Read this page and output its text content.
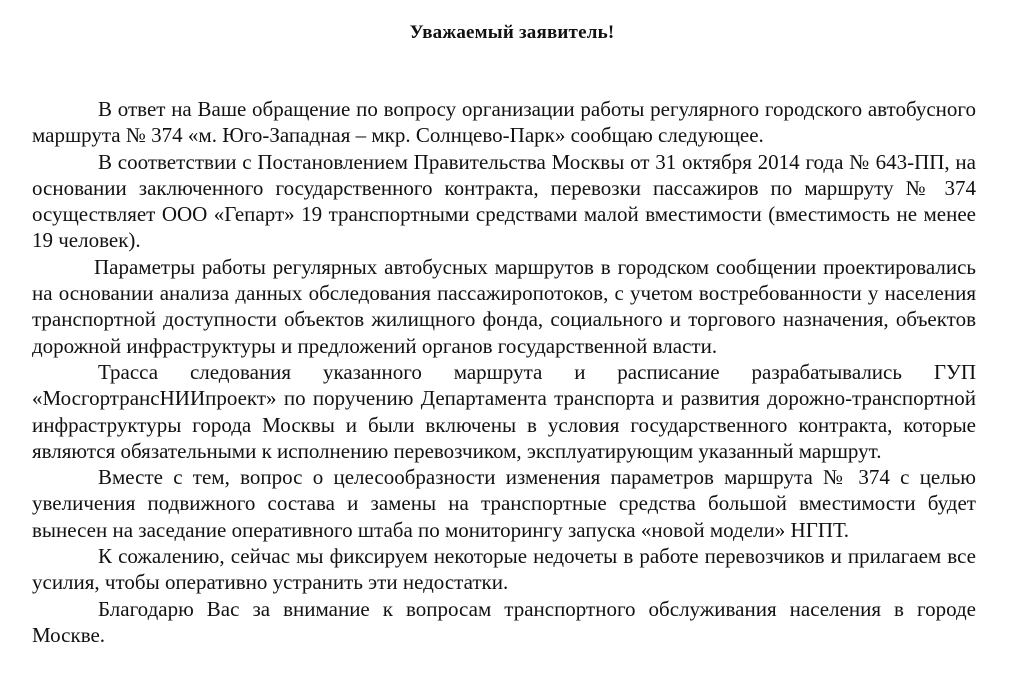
Уважаемый заявитель!

В ответ на Ваше обращение по вопросу организации работы регулярного городского автобусного маршрута № 374 «м. Юго-Западная – мкр. Солнцево-Парк» сообщаю следующее.

В соответствии с Постановлением Правительства Москвы от 31 октября 2014 года № 643-ПП, на основании заключенного государственного контракта, перевозки пассажиров по маршруту № 374 осуществляет ООО «Гепарт» 19 транспортными средствами малой вместимости (вместимость не менее 19 человек).

Параметры работы регулярных автобусных маршрутов в городском сообщении проектировались на основании анализа данных обследования пассажиропотоков, с учетом востребованности у населения транспортной доступности объектов жилищного фонда, социального и торгового назначения, объектов дорожной инфраструктуры и предложений органов государственной власти.

Трасса следования указанного маршрута и расписание разрабатывались ГУП «МосгортрансНИИпроект» по поручению Департамента транспорта и развития дорожно-транспортной инфраструктуры города Москвы и были включены в условия государственного контракта, которые являются обязательными к исполнению перевозчиком, эксплуатирующим указанный маршрут.

Вместе с тем, вопрос о целесообразности изменения параметров маршрута № 374 с целью увеличения подвижного состава и замены на транспортные средства большой вместимости будет вынесен на заседание оперативного штаба по мониторингу запуска «новой модели» НГПТ.

К сожалению, сейчас мы фиксируем некоторые недочеты в работе перевозчиков и прилагаем все усилия, чтобы оперативно устранить эти недостатки.

Благодарю Вас за внимание к вопросам транспортного обслуживания населения в городе Москве.
